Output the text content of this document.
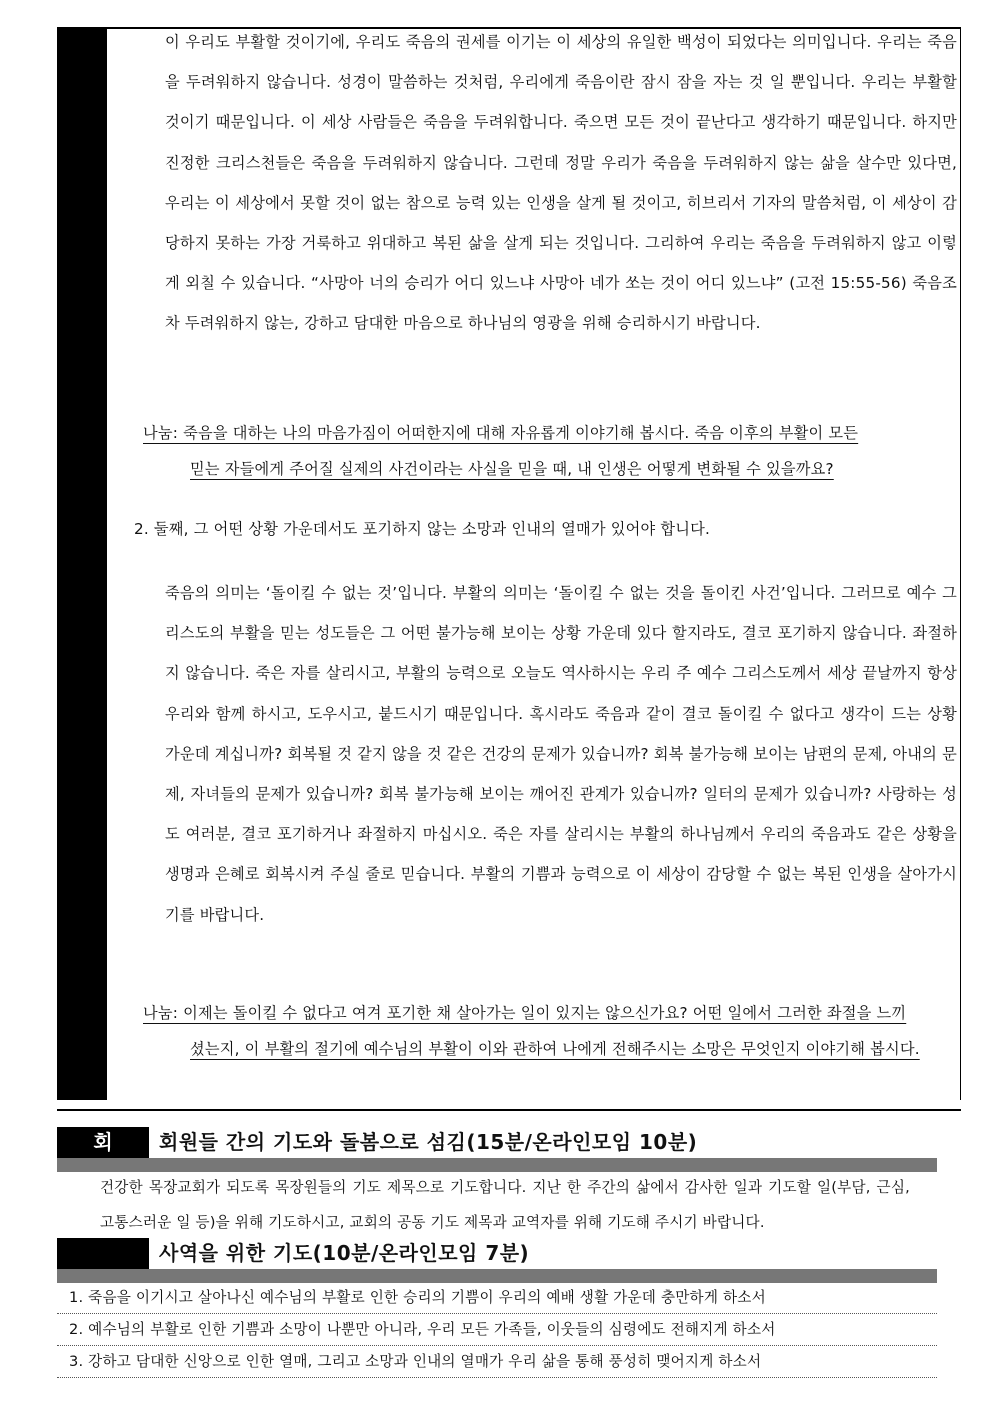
이 우리도 부활할 것이기에, 우리도 죽음의 권세를 이기는 이 세상의 유일한 백성이 되었다는 의미입니다. 우리는 죽음을 두려워하지 않습니다. 성경이 말씀하는 것처럼, 우리에게 죽음이란 잠시 잠을 자는 것 일 뿐입니다. 우리는 부활할 것이기 때문입니다. 이 세상 사람들은 죽음을 두려워합니다. 죽으면 모든 것이 끝난다고 생각하기 때문입니다. 하지만 진정한 크리스천들은 죽음을 두려워하지 않습니다. 그런데 정말 우리가 죽음을 두려워하지 않는 삶을 살수만 있다면, 우리는 이 세상에서 못할 것이 없는 참으로 능력 있는 인생을 살게 될 것이고, 히브리서 기자의 말씀처럼, 이 세상이 감당하지 못하는 가장 거룩하고 위대하고 복된 삶을 살게 되는 것입니다. 그리하여 우리는 죽음을 두려워하지 않고 이렇게 외칠 수 있습니다. “사망아 너의 승리가 어디 있느냐 사망아 네가 쏘는 것이 어디 있느냐” (고전 15:55-56) 죽음조차 두려워하지 않는, 강하고 담대한 마음으로 하나님의 영광을 위해 승리하시기 바랍니다.

나눔: 죽음을 대하는 나의 마음가짐이 어떠한지에 대해 자유롭게 이야기해 봅시다. 죽음 이후의 부활이 모든
믿는 자들에게 주어질 실제의 사건이라는 사실을 믿을 때, 내 인생은 어떻게 변화될 수 있을까요?

2. 둘째, 그 어떤 상황 가운데서도 포기하지 않는 소망과 인내의 열매가 있어야 합니다.

죽음의 의미는 ‘돌이킬 수 없는 것’입니다. 부활의 의미는 ‘돌이킬 수 없는 것을 돌이킨 사건’입니다. 그러므로 예수 그리스도의 부활을 믿는 성도들은 그 어떤 불가능해 보이는 상황 가운데 있다 할지라도, 결코 포기하지 않습니다. 좌절하지 않습니다. 죽은 자를 살리시고, 부활의 능력으로 오늘도 역사하시는 우리 주 예수 그리스도께서 세상 끝날까지 항상 우리와 함께 하시고, 도우시고, 붙드시기 때문입니다. 혹시라도 죽음과 같이 결코 돌이킬 수 없다고 생각이 드는 상황 가운데 계십니까? 회복될 것 같지 않을 것 같은 건강의 문제가 있습니까? 회복 불가능해 보이는 남편의 문제, 아내의 문제, 자녀들의 문제가 있습니까? 회복 불가능해 보이는 깨어진 관계가 있습니까? 일터의 문제가 있습니까? 사랑하는 성도 여러분, 결코 포기하거나 좌절하지 마십시오. 죽은 자를 살리시는 부활의 하나님께서 우리의 죽음과도 같은 상황을 생명과 은혜로 회복시켜 주실 줄로 믿습니다. 부활의 기쁨과 능력으로 이 세상이 감당할 수 없는 복된 인생을 살아가시기를 바랍니다.

나눔: 이제는 돌이킬 수 없다고 여겨 포기한 채 살아가는 일이 있지는 않으신가요? 어떤 일에서 그러한 좌절을 느끼
셨는지, 이 부활의 절기에 예수님의 부활이 이와 관하여 나에게 전해주시는 소망은 무엇인지 이야기해 봅시다.

회	회원들 간의 기도와 돌봄으로 섬김(15분/온라인모임 10분)

건강한 목장교회가 되도록 목장원들의 기도 제목으로 기도합니다. 지난 한 주간의 삶에서 감사한 일과 기도할 일(부담, 근심, 고통스러운 일 등)을 위해 기도하시고, 교회의 공동 기도 제목과 교역자를 위해 기도해 주시기 바랍니다.

사역을 위한 기도(10분/온라인모임 7분)
1. 죽음을 이기시고 살아나신 예수님의 부활로 인한 승리의 기쁨이 우리의 예배 생활 가운데 충만하게 하소서
2. 예수님의 부활로 인한 기쁨과 소망이 나뿐만 아니라, 우리 모든 가족들, 이웃들의 심령에도 전해지게 하소서
3. 강하고 담대한 신앙으로 인한 열매, 그리고 소망과 인내의 열매가 우리 삶을 통해 풍성히 맺어지게 하소서
